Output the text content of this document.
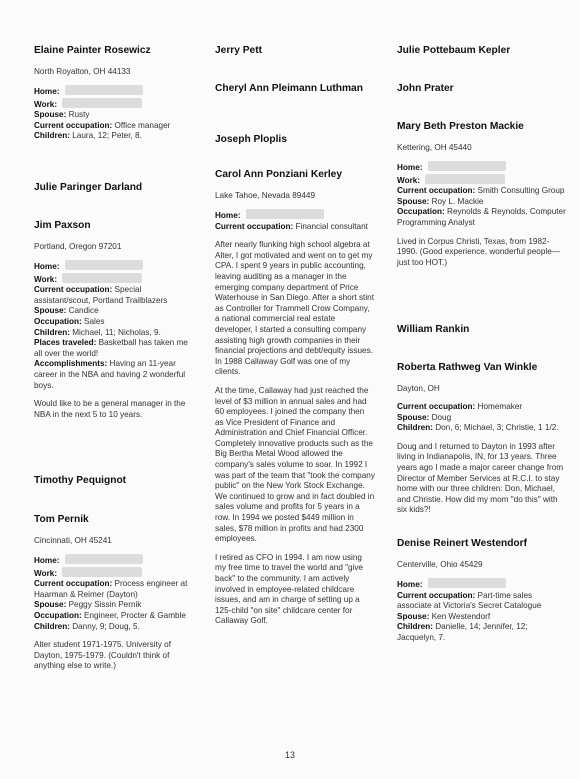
Elaine Painter Rosewicz
North Royalton, OH 44133
Home:
Work:
Spouse: Rusty
Current occupation: Office manager
Children: Laura, 12; Peter, 8.
Julie Paringer Darland
Jim Paxson
Portland, Oregon 97201
Home:
Work:
Current occupation: Special assistant/scout, Portland Trailblazers
Spouse: Candice
Occupation: Sales
Children: Michael, 11; Nicholas, 9.
Places traveled: Basketball has taken me all over the world!
Accomplishments: Having an 11-year career in the NBA and having 2 wonderful boys.
Would like to be a general manager in the NBA in the next 5 to 10 years.
Timothy Pequignot
Tom Pernik
Cincinnati, OH 45241
Home:
Work:
Current occupation: Process engineer at Haarman & Reimer (Dayton)
Spouse: Peggy Sissin Pernik
Occupation: Engineer, Procter & Gamble
Children: Danny, 9; Doug, 5.
Alter student 1971-1975. University of Dayton, 1975-1979. (Couldn't think of anything else to write.)
Jerry Pett
Cheryl Ann Pleimann Luthman
Joseph Ploplis
Carol Ann Ponziani Kerley
Lake Tahoe, Nevada 89449
Home:
Current occupation: Financial consultant
After nearly flunking high school algebra at Alter, I got motivated and went on to get my CPA. I spent 9 years in public accounting, leaving auditing as a manager in the emerging company department of Price Waterhouse in San Diego. After a short stint as Controller for Trammell Crow Company, a national commercial real estate developer, I started a consulting company assisting high growth companies in their financial projections and debt/equity issues. In 1988 Callaway Golf was one of my clients.
At the time, Callaway had just reached the level of $3 million in annual sales and had 60 employees. I joined the company then as Vice President of Finance and Administration and Chief Financial Officer. Completely innovative products such as the Big Bertha Metal Wood allowed the company's sales volume to soar. In 1992 I was part of the team that "took the company public" on the New York Stock Exchange. We continued to grow and in fact doubled in sales volume and profits for 5 years in a row. In 1994 we posted $449 million in sales, $78 million in profits and had 2300 employees.
I retired as CFO in 1994. I am now using my free time to travel the world and "give back" to the community. I am actively involved in employee-related childcare issues, and am in charge of setting up a 125-child "on site" childcare center for Callaway Golf.
Julie Pottebaum Kepler
John Prater
Mary Beth Preston Mackie
Kettering, OH 45440
Home:
Work:
Current occupation: Smith Consulting Group
Spouse: Roy L. Mackie
Occupation: Reynolds & Reynolds, Computer Programming Analyst
Lived in Corpus Christi, Texas, from 1982-1990. (Good experience, wonderful people—just too HOT.)
William Rankin
Roberta Rathweg Van Winkle
Dayton, OH
Current occupation: Homemaker
Spouse: Doug
Children: Don, 6; Michael, 3; Christie, 1 1/2.
Doug and I returned to Dayton in 1993 after living in Indianapolis, IN, for 13 years. Three years ago I made a major career change from Director of Member Services at R.C.I. to stay home with our three children: Don, Michael, and Christie. How did my mom "do this" with six kids?!
Denise Reinert Westendorf
Centerville, Ohio 45429
Home:
Current occupation: Part-time sales associate at Victoria's Secret Catalogue
Spouse: Ken Westendorf
Children: Danielle, 14; Jennifer, 12; Jacquelyn, 7.
13
